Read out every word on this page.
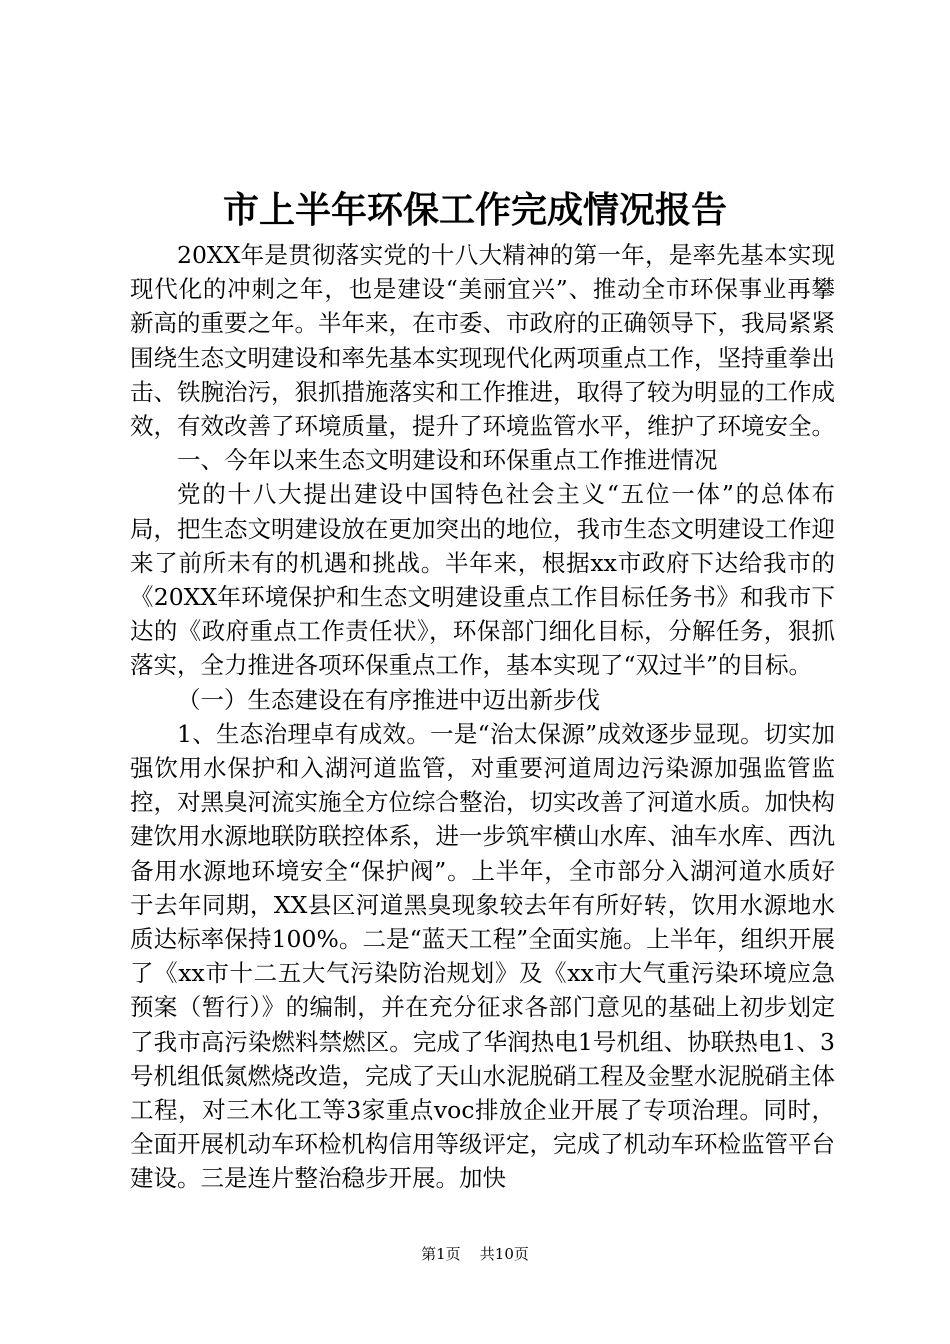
市上半年环保工作完成情况报告

20XX年是贯彻落实党的十八大精神的第一年，是率先基本实现现代化的冲刺之年，也是建设“美丽宜兴”、推动全市环保事业再攀新高的重要之年。半年来，在市委、市政府的正确领导下，我局紧紧围绕生态文明建设和率先基本实现现代化两项重点工作，坚持重拳出击、铁腕治污，狠抓措施落实和工作推进，取得了较为明显的工作成效，有效改善了环境质量，提升了环境监管水平，维护了环境安全。

一、今年以来生态文明建设和环保重点工作推进情况

党的十八大提出建设中国特色社会主义“五位一体”的总体布局，把生态文明建设放在更加突出的地位，我市生态文明建设工作迎来了前所未有的机遇和挑战。半年来，根据xx市政府下达给我市的《20XX年环境保护和生态文明建设重点工作目标任务书》和我市下达的《政府重点工作责任状》，环保部门细化目标，分解任务，狠抓落实，全力推进各项环保重点工作，基本实现了“双过半”的目标。

（一）生态建设在有序推进中迈出新步伐

1、生态治理卓有成效。一是“治太保源”成效逐步显现。切实加强饮用水保护和入湖河道监管，对重要河道周边污染源加强监管监控，对黑臭河流实施全方位综合整治，切实改善了河道水质。加快构建饮用水源地联防联控体系，进一步筑牢横山水库、油车水库、西氿备用水源地环境安全“保护阀”。上半年，全市部分入湖河道水质好于去年同期，XX县区河道黑臭现象较去年有所好转，饮用水源地水质达标率保持100%。二是“蓝天工程”全面实施。上半年，组织开展了《xx市十二五大气污染防治规划》及《xx市大气重污染环境应急预案（暂行）》的编制，并在充分征求各部门意见的基础上初步划定了我市高污染燃料禁燃区。完成了华润热电1号机组、协联热电1、3号机组低氮燃烧改造，完成了天山水泥脱硝工程及金墅水泥脱硝主体工程，对三木化工等3家重点voc排放企业开展了专项治理。同时，全面开展机动车环检机构信用等级评定，完成了机动车环检监管平台建设。三是连片整治稳步开展。加快

第1页 共10页
